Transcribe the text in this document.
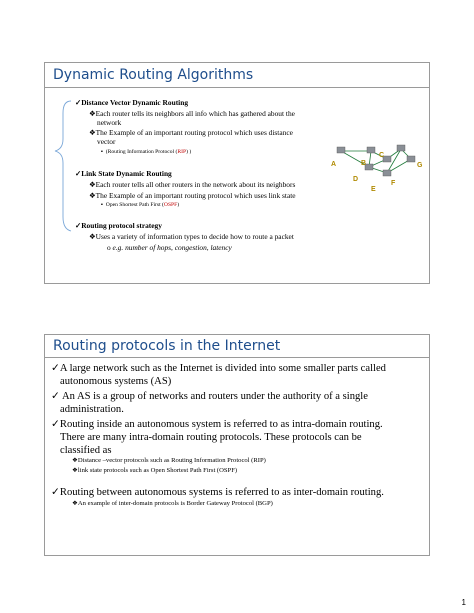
Dynamic Routing Algorithms
✓Distance Vector Dynamic Routing
❖Each router tells its neighbors all info which has gathered about the
network
❖The Example of an important routing protocol which uses distance
vector
▪ (Routing Information Protocol (RIP) )
✓Link State Dynamic Routing
❖Each router tells all other routers in the network about its neighbors
❖The Example of an important routing protocol which uses link state
▪ Open Shortest Path First (OSPF)
✓Routing protocol strategy
❖Uses a variety of information types to decide how to route a packet
o e.g. number of hops, congestion, latency
A	B
C
D
E
F
G
Routing protocols in the Internet
✓A large network such as the Internet is divided into some smaller parts called
autonomous systems (AS)
✓ An AS is a group of networks and routers under the authority of a single
administration.
✓Routing inside an autonomous system is referred to as intra-domain routing.
There are many intra-domain routing protocols. These protocols can be
classified as
❖Distance –vector protocols such as Routing Information Protocol (RIP)
❖link state protocols such as Open Shortest Path First (OSPF)
✓Routing between autonomous systems is referred to as inter-domain routing.
❖An example of inter-domain protocols is Border Gateway Protocol (BGP)
1
